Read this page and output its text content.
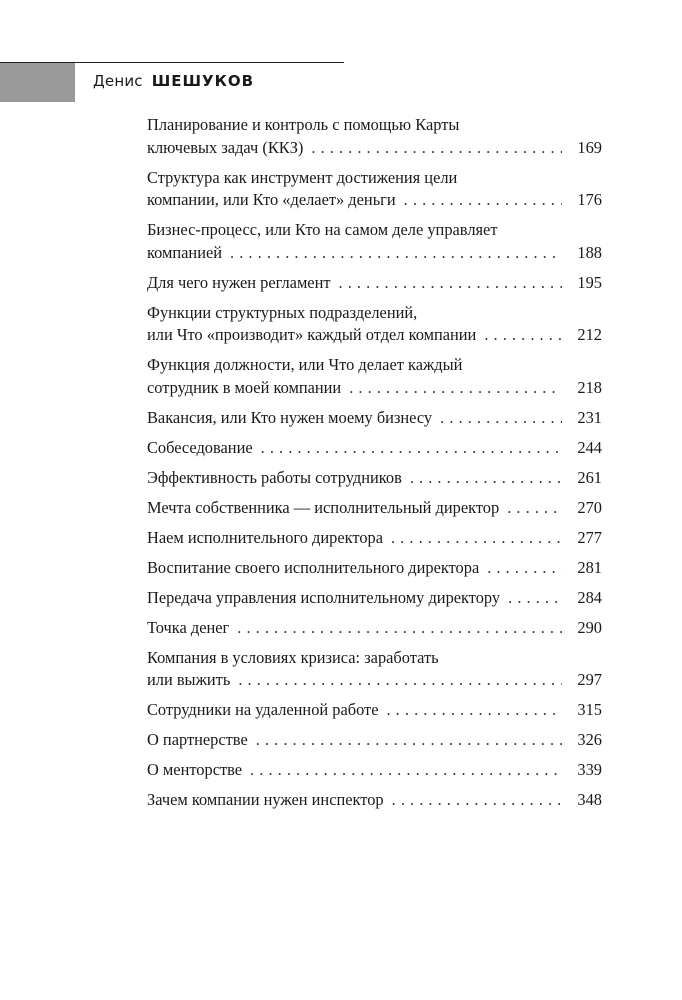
Денис ШЕШУКОВ
Планирование и контроль с помощью Карты
ключевых задач (ККЗ) . . .	169
Структура как инструмент достижения цели
компании, или Кто «делает» деньги . . .	176
Бизнес-процесс, или Кто на самом деле управляет
компанией . . .	188
Для чего нужен регламент . . .	195
Функции структурных подразделений,
или Что «производит» каждый отдел компании . . .	212
Функция должности, или Что делает каждый
сотрудник в моей компании . . .	218
Вакансия, или Кто нужен моему бизнесу . . .	231
Собеседование . . .	244
Эффективность работы сотрудников . . .	261
Мечта собственника — исполнительный директор . . .	270
Наем исполнительного директора . . .	277
Воспитание своего исполнительного директора . . .	281
Передача управления исполнительному директору . . .	284
Точка денег . . .	290
Компания в условиях кризиса: заработать
или выжить . . .	297
Сотрудники на удаленной работе . . .	315
О партнерстве . . .	326
О менторстве . . .	339
Зачем компании нужен инспектор . . .	348
